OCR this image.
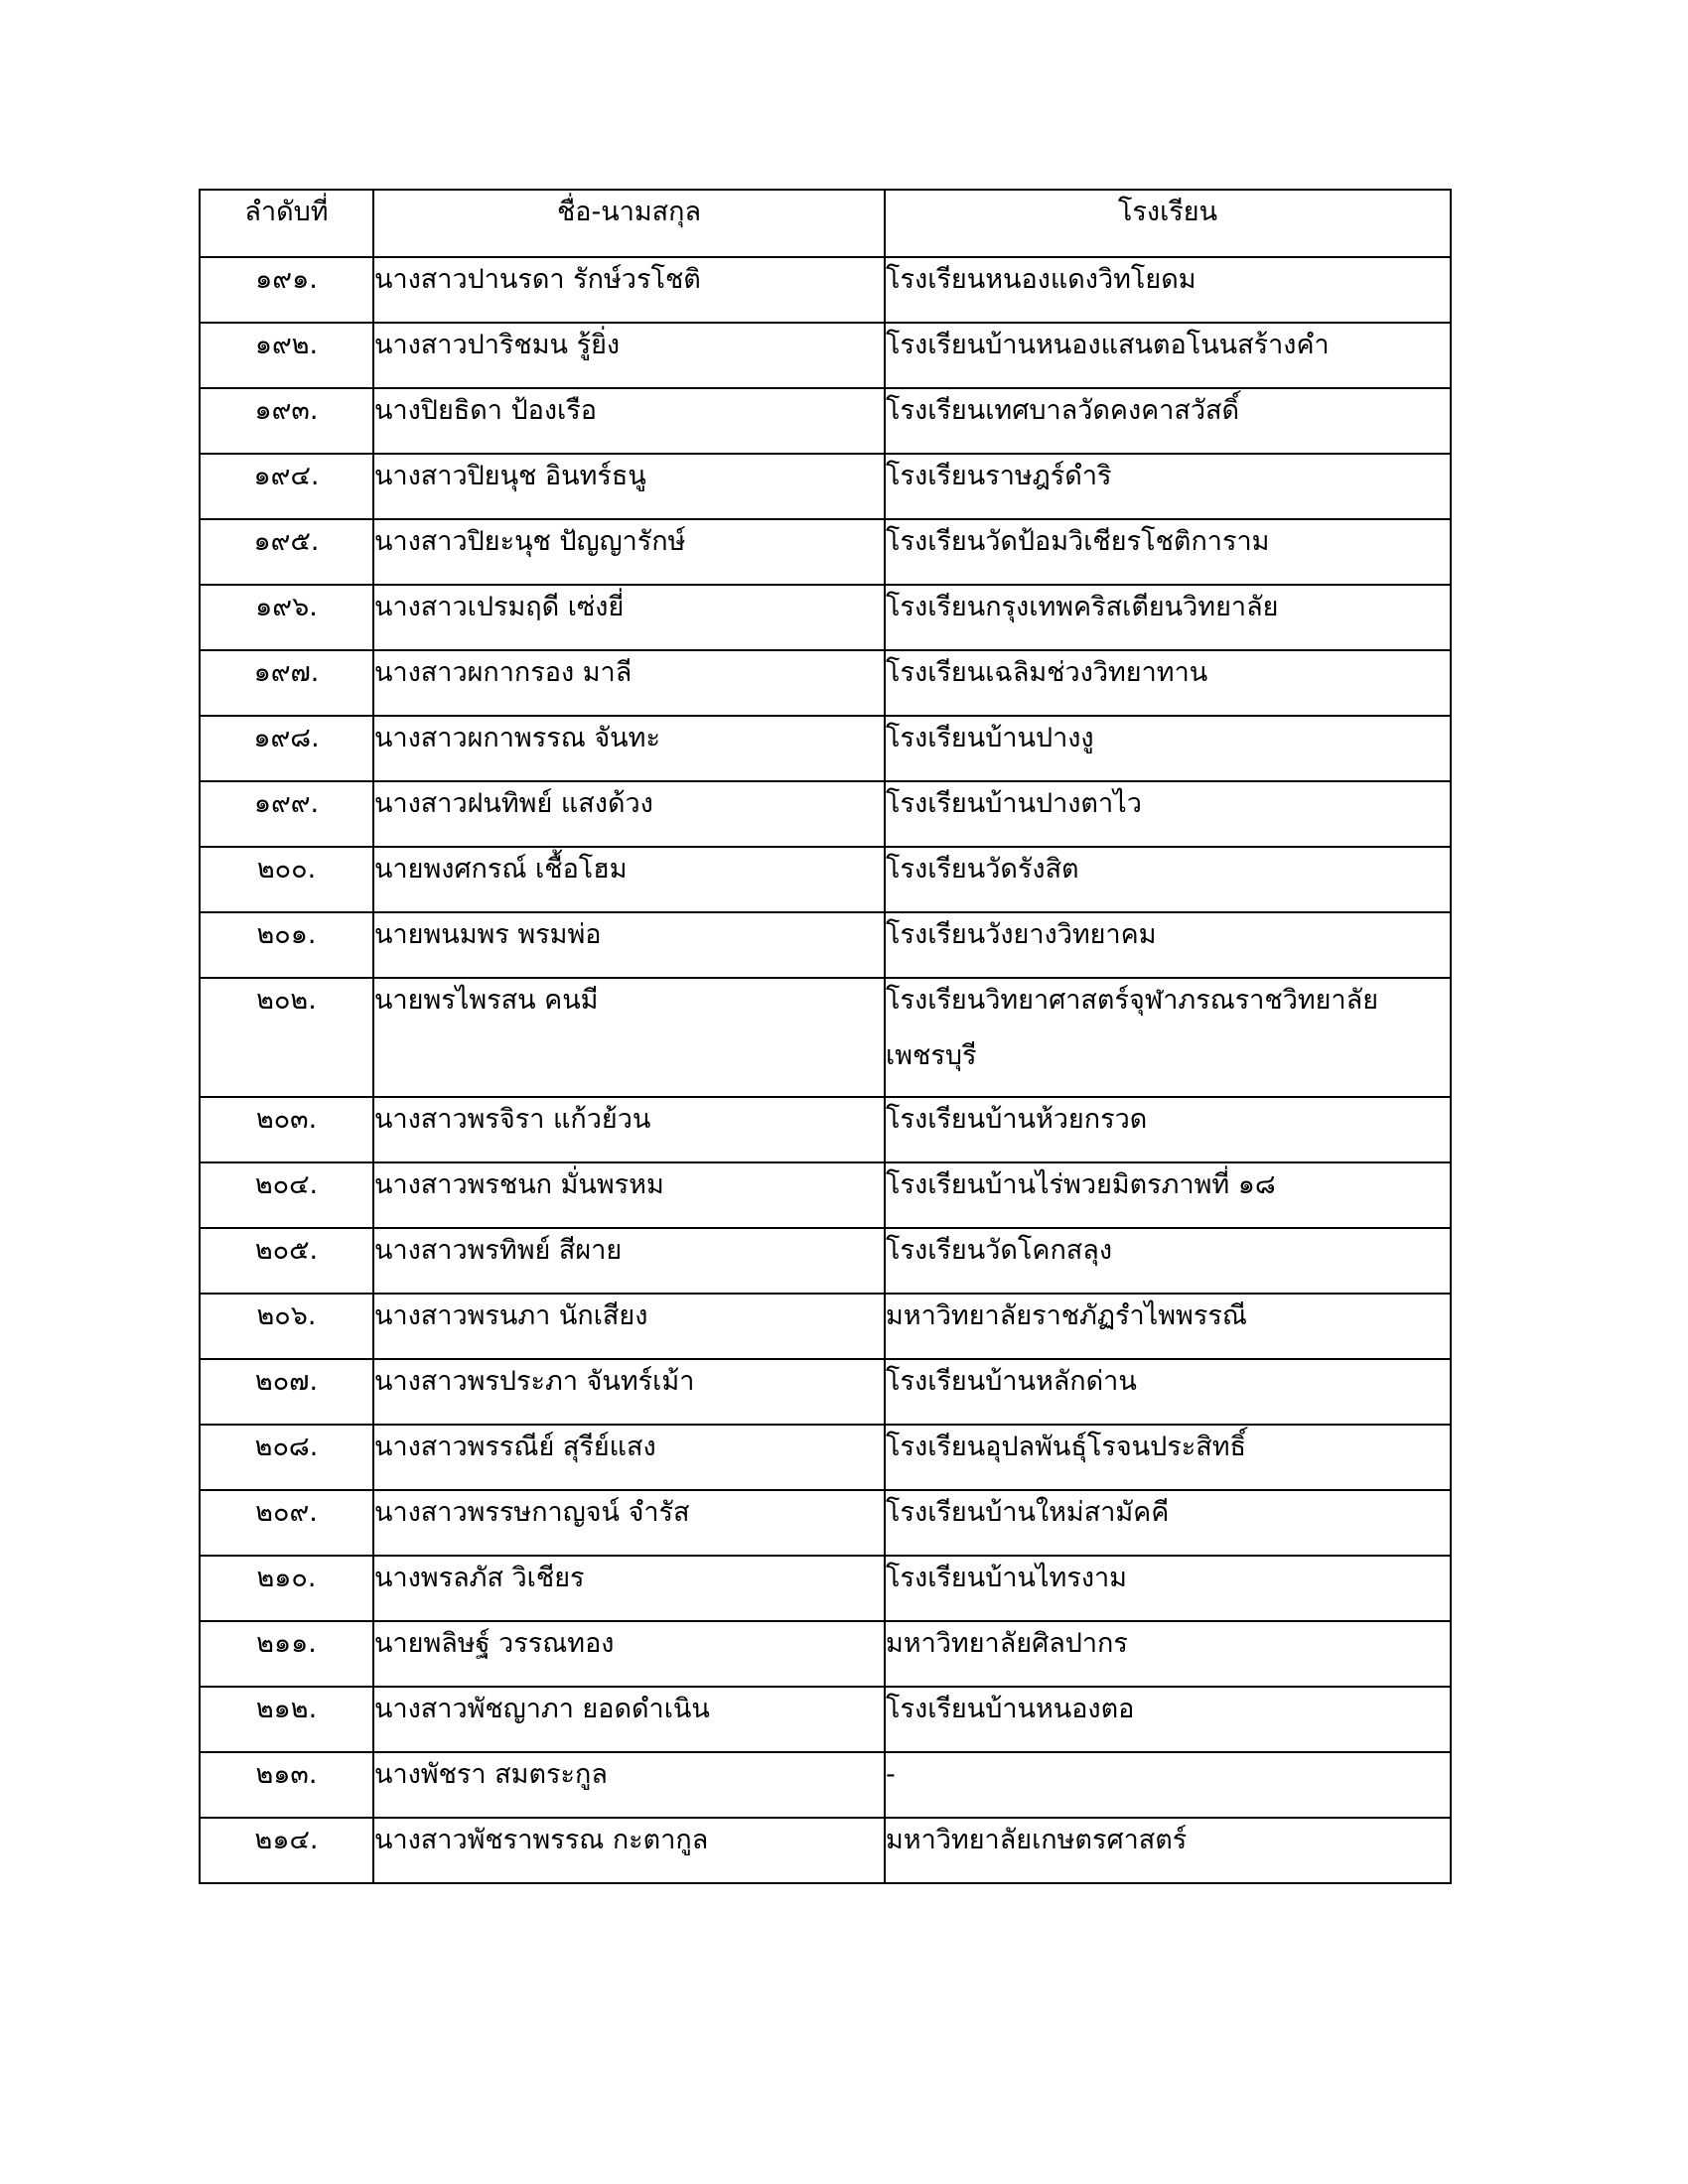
ลำดับที่	ชื่อ-นามสกุล	โรงเรียน

๑๙๑.	นางสาวปานรดา รักษ์วรโชติ	โรงเรียนหนองแดงวิทโยดม
๑๙๒.	นางสาวปาริชมน รู้ยิ่ง	โรงเรียนบ้านหนองแสนตอโนนสร้างคำ
๑๙๓.	นางปิยธิดา ป้องเรือ	โรงเรียนเทศบาลวัดคงคาสวัสดิ์
๑๙๔.	นางสาวปิยนุช อินทร์ธนู	โรงเรียนราษฎร์ดำริ
๑๙๕.	นางสาวปิยะนุช ปัญญารักษ์	โรงเรียนวัดป้อมวิเชียรโชติการาม
๑๙๖.	นางสาวเปรมฤดี เซ่งยี่	โรงเรียนกรุงเทพคริสเตียนวิทยาลัย
๑๙๗.	นางสาวผกากรอง มาลี	โรงเรียนเฉลิมช่วงวิทยาทาน
๑๙๘.	นางสาวผกาพรรณ จันทะ	โรงเรียนบ้านปางงู
๑๙๙.	นางสาวฝนทิพย์ แสงด้วง	โรงเรียนบ้านปางตาไว
๒๐๐.	นายพงศกรณ์ เชื้อโฮม	โรงเรียนวัดรังสิต
๒๐๑.	นายพนมพร พรมพ่อ	โรงเรียนวังยางวิทยาคม
๒๐๒.	นายพรไพรสน คนมี	โรงเรียนวิทยาศาสตร์จุฬาภรณราชวิทยาลัย
เพชรบุรี

๒๐๓.	นางสาวพรจิรา แก้วย้วน	โรงเรียนบ้านห้วยกรวด
๒๐๔.	นางสาวพรชนก มั่นพรหม	โรงเรียนบ้านไร่พวยมิตรภาพที่ ๑๘
๒๐๕.	นางสาวพรทิพย์ สีผาย	โรงเรียนวัดโคกสลุง
๒๐๖.	นางสาวพรนภา นักเสียง	มหาวิทยาลัยราชภัฏรำไพพรรณี
๒๐๗.	นางสาวพรประภา จันทร์เม้า	โรงเรียนบ้านหลักด่าน
๒๐๘.	นางสาวพรรณีย์ สุรีย์แสง	โรงเรียนอุปลพันธุ์โรจนประสิทธิ์
๒๐๙.	นางสาวพรรษกาญจน์ จำรัส	โรงเรียนบ้านใหม่สามัคคี
๒๑๐.	นางพรลภัส วิเชียร	โรงเรียนบ้านไทรงาม
๒๑๑.	นายพลิษฐ์ วรรณทอง	มหาวิทยาลัยศิลปากร
๒๑๒.	นางสาวพัชญาภา ยอดดำเนิน	โรงเรียนบ้านหนองตอ
๒๑๓.	นางพัชรา สมตระกูล	-
๒๑๔.	นางสาวพัชราพรรณ กะตากูล	มหาวิทยาลัยเกษตรศาสตร์
